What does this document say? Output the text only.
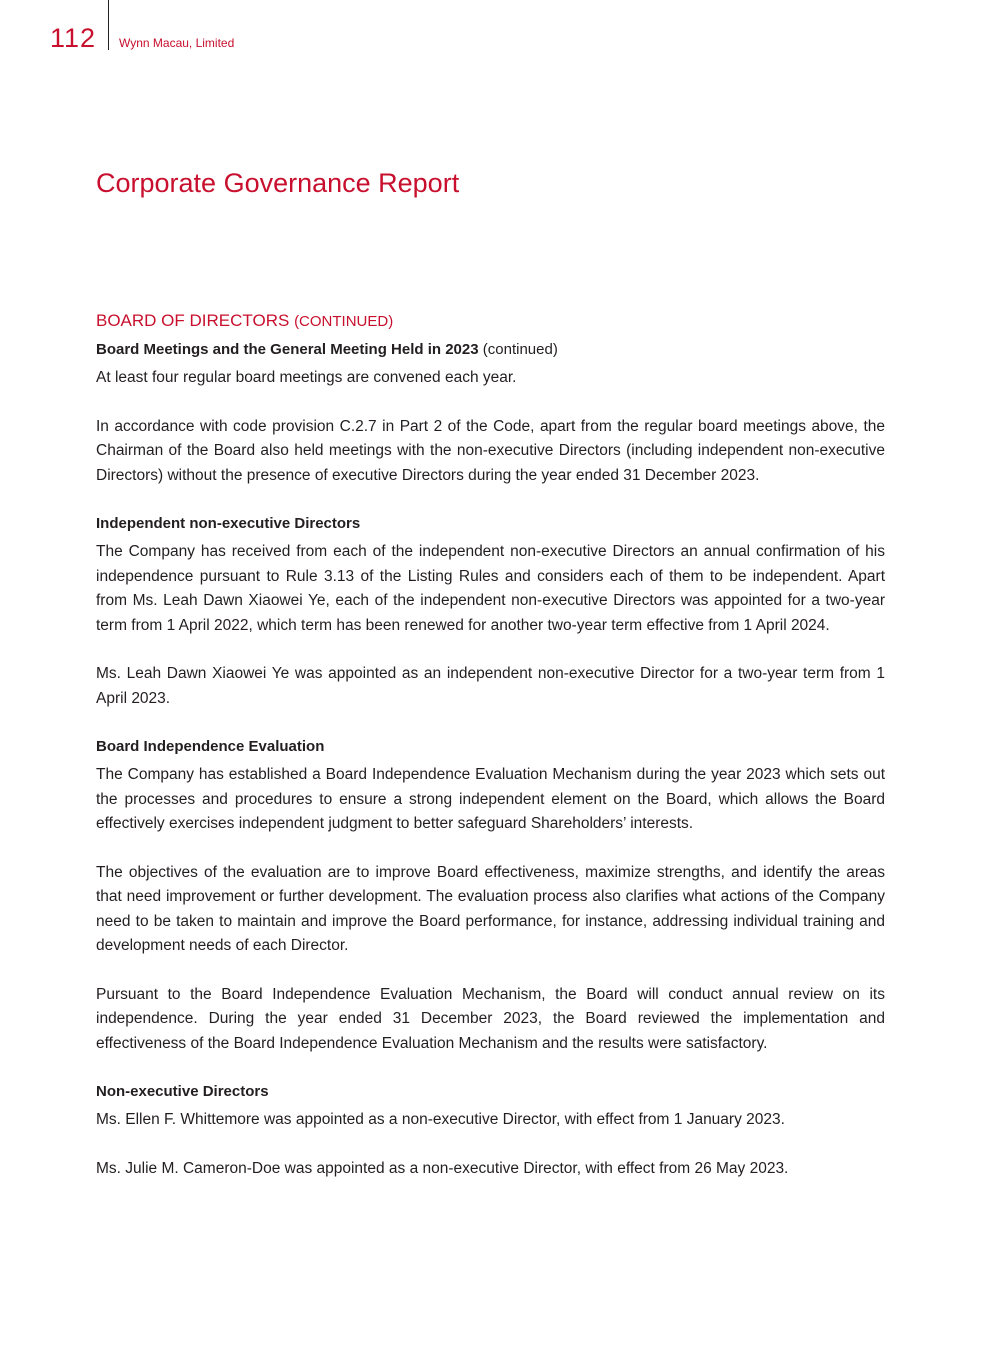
112 Wynn Macau, Limited
Corporate Governance Report
BOARD OF DIRECTORS (CONTINUED)
Board Meetings and the General Meeting Held in 2023 (continued)

At least four regular board meetings are convened each year.

In accordance with code provision C.2.7 in Part 2 of the Code, apart from the regular board meetings above, the Chairman of the Board also held meetings with the non-executive Directors (including independent non-executive Directors) without the presence of executive Directors during the year ended 31 December 2023.

Independent non-executive Directors

The Company has received from each of the independent non-executive Directors an annual confirmation of his independence pursuant to Rule 3.13 of the Listing Rules and considers each of them to be independent. Apart from Ms. Leah Dawn Xiaowei Ye, each of the independent non-executive Directors was appointed for a two-year term from 1 April 2022, which term has been renewed for another two-year term effective from 1 April 2024.

Ms. Leah Dawn Xiaowei Ye was appointed as an independent non-executive Director for a two-year term from 1 April 2023.

Board Independence Evaluation

The Company has established a Board Independence Evaluation Mechanism during the year 2023 which sets out the processes and procedures to ensure a strong independent element on the Board, which allows the Board effectively exercises independent judgment to better safeguard Shareholders’ interests.

The objectives of the evaluation are to improve Board effectiveness, maximize strengths, and identify the areas that need improvement or further development. The evaluation process also clarifies what actions of the Company need to be taken to maintain and improve the Board performance, for instance, addressing individual training and development needs of each Director.

Pursuant to the Board Independence Evaluation Mechanism, the Board will conduct annual review on its independence. During the year ended 31 December 2023, the Board reviewed the implementation and effectiveness of the Board Independence Evaluation Mechanism and the results were satisfactory.

Non-executive Directors

Ms. Ellen F. Whittemore was appointed as a non-executive Director, with effect from 1 January 2023.

Ms. Julie M. Cameron-Doe was appointed as a non-executive Director, with effect from 26 May 2023.
